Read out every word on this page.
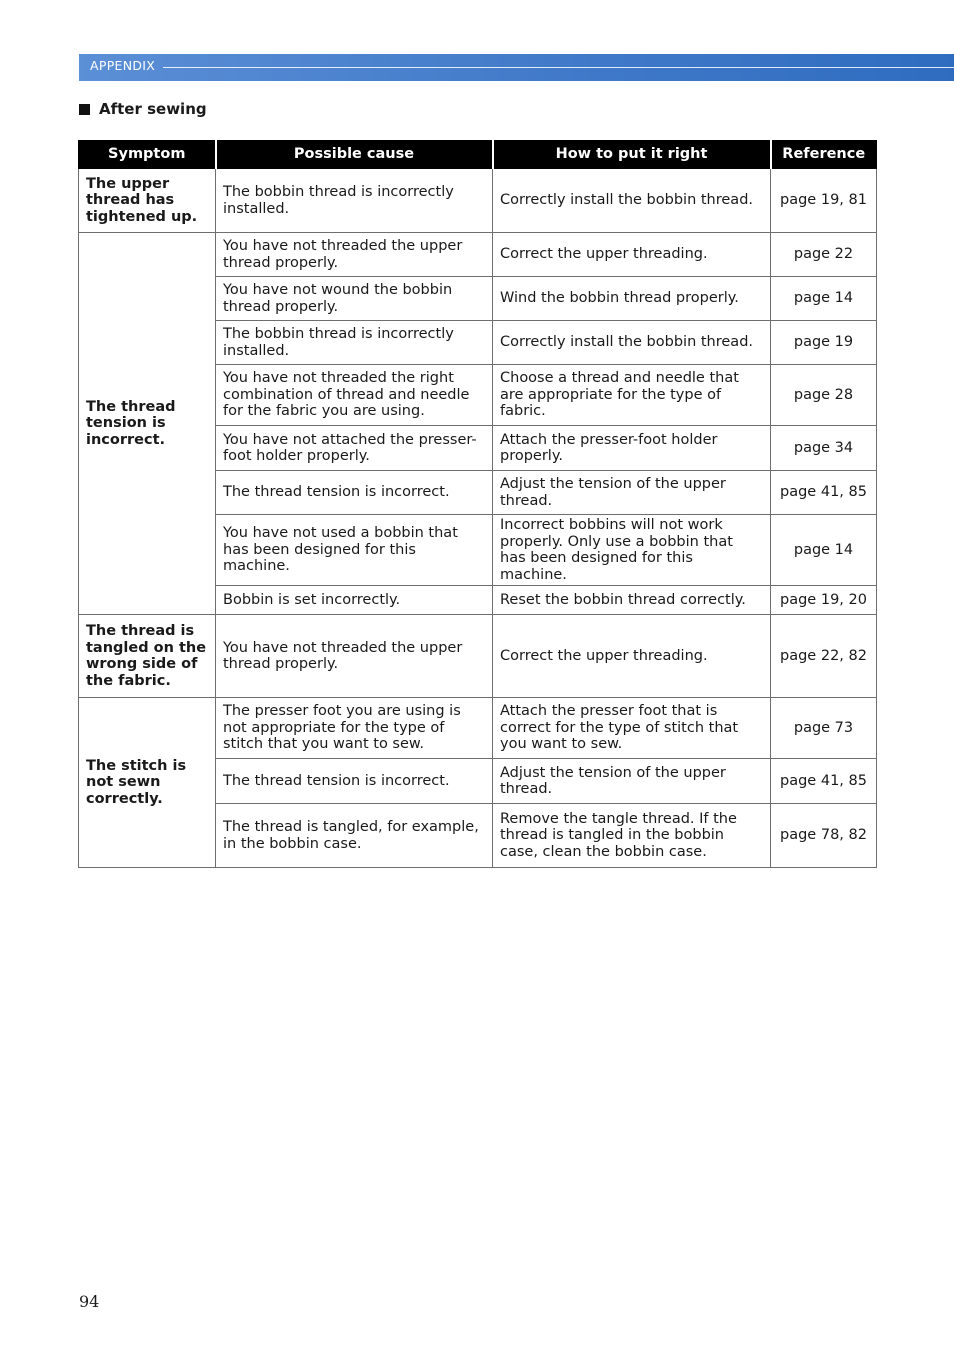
APPENDIX
After sewing
Symptom	Possible cause	How to put it right	Reference
The upper thread has tightened up.	The bobbin thread is incorrectly installed.	Correctly install the bobbin thread.	page 19, 81
The thread tension is incorrect.	You have not threaded the upper thread properly.	Correct the upper threading.	page 22
	You have not wound the bobbin thread properly.	Wind the bobbin thread properly.	page 14
	The bobbin thread is incorrectly installed.	Correctly install the bobbin thread.	page 19
	You have not threaded the right combination of thread and needle for the fabric you are using.	Choose a thread and needle that are appropriate for the type of fabric.	page 28
	You have not attached the presser-foot holder properly.	Attach the presser-foot holder properly.	page 34
	The thread tension is incorrect.	Adjust the tension of the upper thread.	page 41, 85
	You have not used a bobbin that has been designed for this machine.	Incorrect bobbins will not work properly. Only use a bobbin that has been designed for this machine.	page 14
	Bobbin is set incorrectly.	Reset the bobbin thread correctly.	page 19, 20
The thread is tangled on the wrong side of the fabric.	You have not threaded the upper thread properly.	Correct the upper threading.	page 22, 82
The stitch is not sewn correctly.	The presser foot you are using is not appropriate for the type of stitch that you want to sew.	Attach the presser foot that is correct for the type of stitch that you want to sew.	page 73
	The thread tension is incorrect.	Adjust the tension of the upper thread.	page 41, 85
	The thread is tangled, for example, in the bobbin case.	Remove the tangle thread. If the thread is tangled in the bobbin case, clean the bobbin case.	page 78, 82
94
